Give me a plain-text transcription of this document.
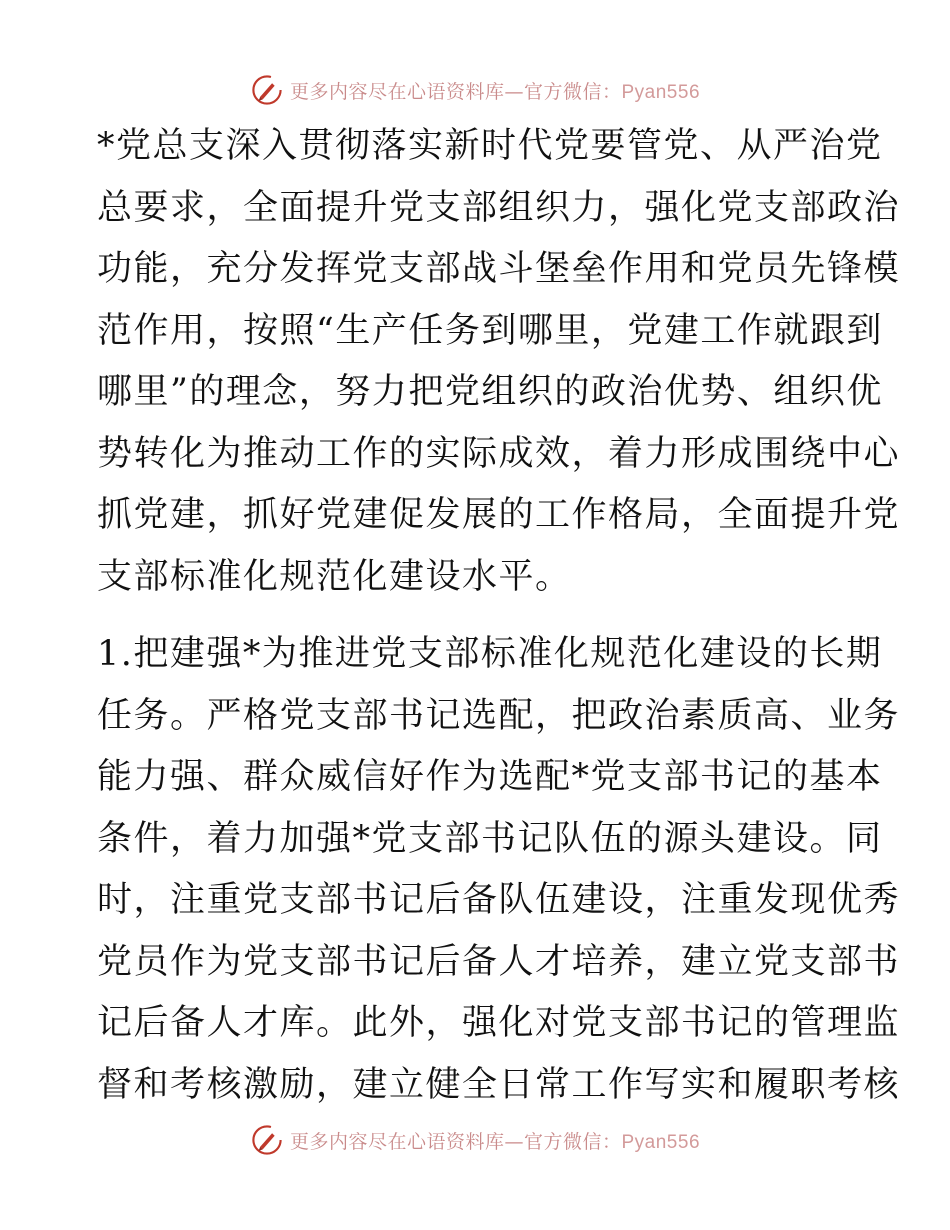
更多内容尽在心语资料库—官方微信：Pyan556

*党总支深入贯彻落实新时代党要管党、从严治党
总要求，全面提升党支部组织力，强化党支部政治
功能，充分发挥党支部战斗堡垒作用和党员先锋模
范作用，按照“生产任务到哪里，党建工作就跟到
哪里”的理念，努力把党组织的政治优势、组织优
势转化为推动工作的实际成效，着力形成围绕中心
抓党建，抓好党建促发展的工作格局，全面提升党
支部标准化规范化建设水平。

1.把建强*为推进党支部标准化规范化建设的长期
任务。严格党支部书记选配，把政治素质高、业务
能力强、群众威信好作为选配*党支部书记的基本
条件，着力加强*党支部书记队伍的源头建设。同
时，注重党支部书记后备队伍建设，注重发现优秀
党员作为党支部书记后备人才培养，建立党支部书
记后备人才库。此外，强化对党支部书记的管理监
督和考核激励，建立健全日常工作写实和履职考核

更多内容尽在心语资料库—官方微信：Pyan556
